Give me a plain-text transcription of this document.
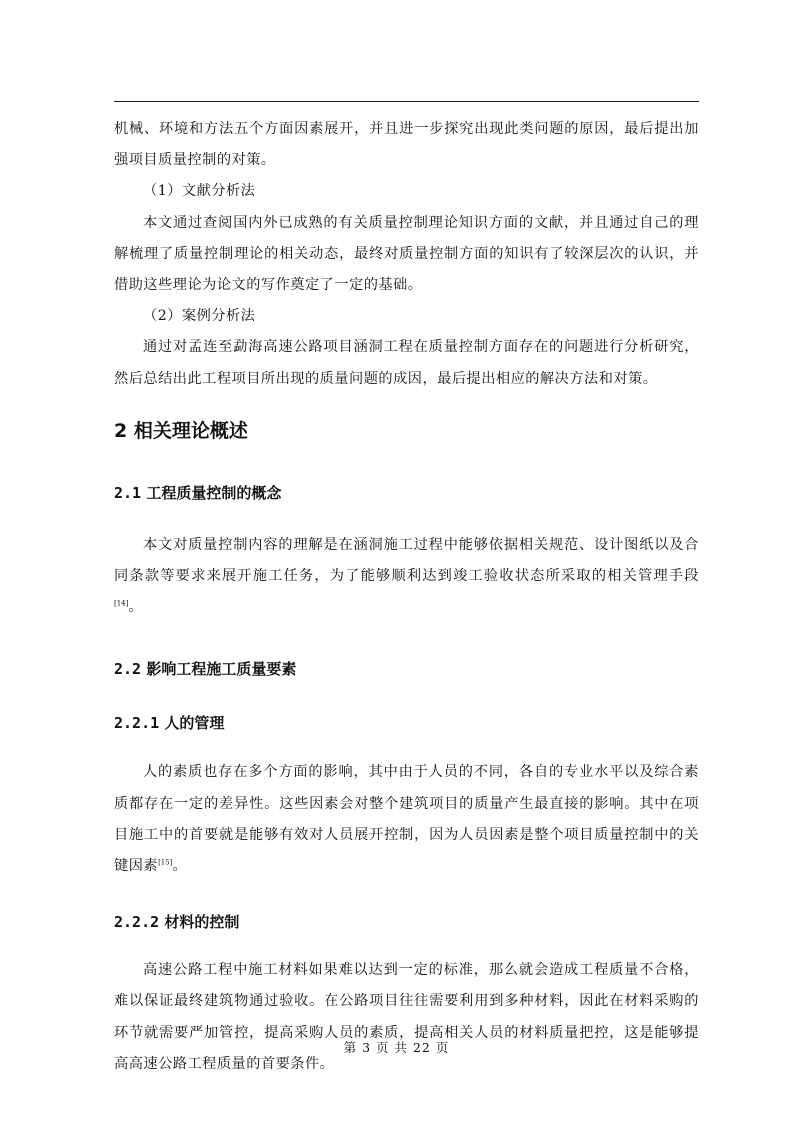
机械、环境和方法五个方面因素展开，并且进一步探究出现此类问题的原因，最后提出加强项目质量控制的对策。

（1）文献分析法

本文通过查阅国内外已成熟的有关质量控制理论知识方面的文献，并且通过自己的理解梳理了质量控制理论的相关动态，最终对质量控制方面的知识有了较深层次的认识，并借助这些理论为论文的写作奠定了一定的基础。

（2）案例分析法

通过对孟连至勐海高速公路项目涵洞工程在质量控制方面存在的问题进行分析研究，然后总结出此工程项目所出现的质量问题的成因，最后提出相应的解决方法和对策。

2 相关理论概述
2.1 工程质量控制的概念

本文对质量控制内容的理解是在涵洞施工过程中能够依据相关规范、设计图纸以及合同条款等要求来展开施工任务，为了能够顺利达到竣工验收状态所采取的相关管理手段[14]。

2.2 影响工程施工质量要素
2.2.1 人的管理

人的素质也存在多个方面的影响，其中由于人员的不同，各自的专业水平以及综合素质都存在一定的差异性。这些因素会对整个建筑项目的质量产生最直接的影响。其中在项目施工中的首要就是能够有效对人员展开控制，因为人员因素是整个项目质量控制中的关键因素[15]。

2.2.2 材料的控制

高速公路工程中施工材料如果难以达到一定的标准，那么就会造成工程质量不合格，难以保证最终建筑物通过验收。在公路项目往往需要利用到多种材料，因此在材料采购的环节就需要严加管控，提高采购人员的素质，提高相关人员的材料质量把控，这是能够提高高速公路工程质量的首要条件。

第 3 页 共 22 页
